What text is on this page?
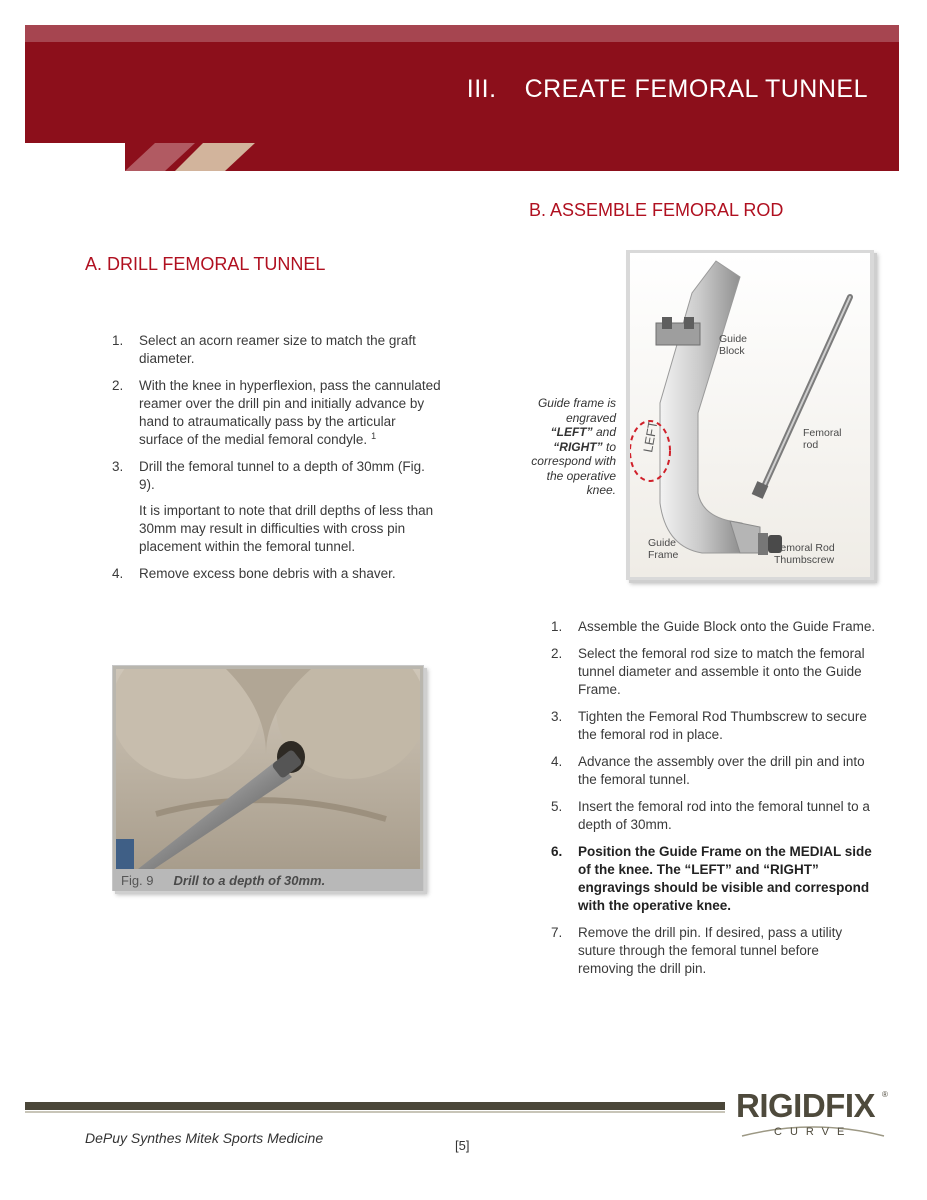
III. CREATE FEMORAL TUNNEL
A. DRILL FEMORAL TUNNEL
1. Select an acorn reamer size to match the graft diameter.
2. With the knee in hyperflexion, pass the cannulated reamer over the drill pin and initially advance by hand to atraumatically pass by the articular surface of the medial femoral condyle. $^1$
3. Drill the femoral tunnel to a depth of 30mm (Fig. 9).

It is important to note that drill depths of less than 30mm may result in difficulties with cross pin placement within the femoral tunnel.

4. Remove excess bone debris with a shaver.
Fig. 9 Drill to a depth of 30mm.
B. ASSEMBLE FEMORAL ROD
LEFT
Guide
Block
Femoral
rod
Guide
Frame
Femoral Rod
Thumbscrew
Guide frame is engraved “LEFT” and “RIGHT” to correspond with the operative knee.
1. Assemble the Guide Block onto the Guide Frame.
2. Select the femoral rod size to match the femoral tunnel diameter and assemble it onto the Guide Frame.
3. Tighten the Femoral Rod Thumbscrew to secure the femoral rod in place.
4. Advance the assembly over the drill pin and into the femoral tunnel.
5. Insert the femoral rod into the femoral tunnel to a depth of 30mm.
6. Position the Guide Frame on the MEDIAL side of the knee. The “LEFT” and “RIGHT” engravings should be visible and correspond with the operative knee.
7. Remove the drill pin. If desired, pass a utility suture through the femoral tunnel before removing the drill pin.
DePuy Synthes Mitek Sports Medicine	[5]
RIGIDFIX ®
CURVE
